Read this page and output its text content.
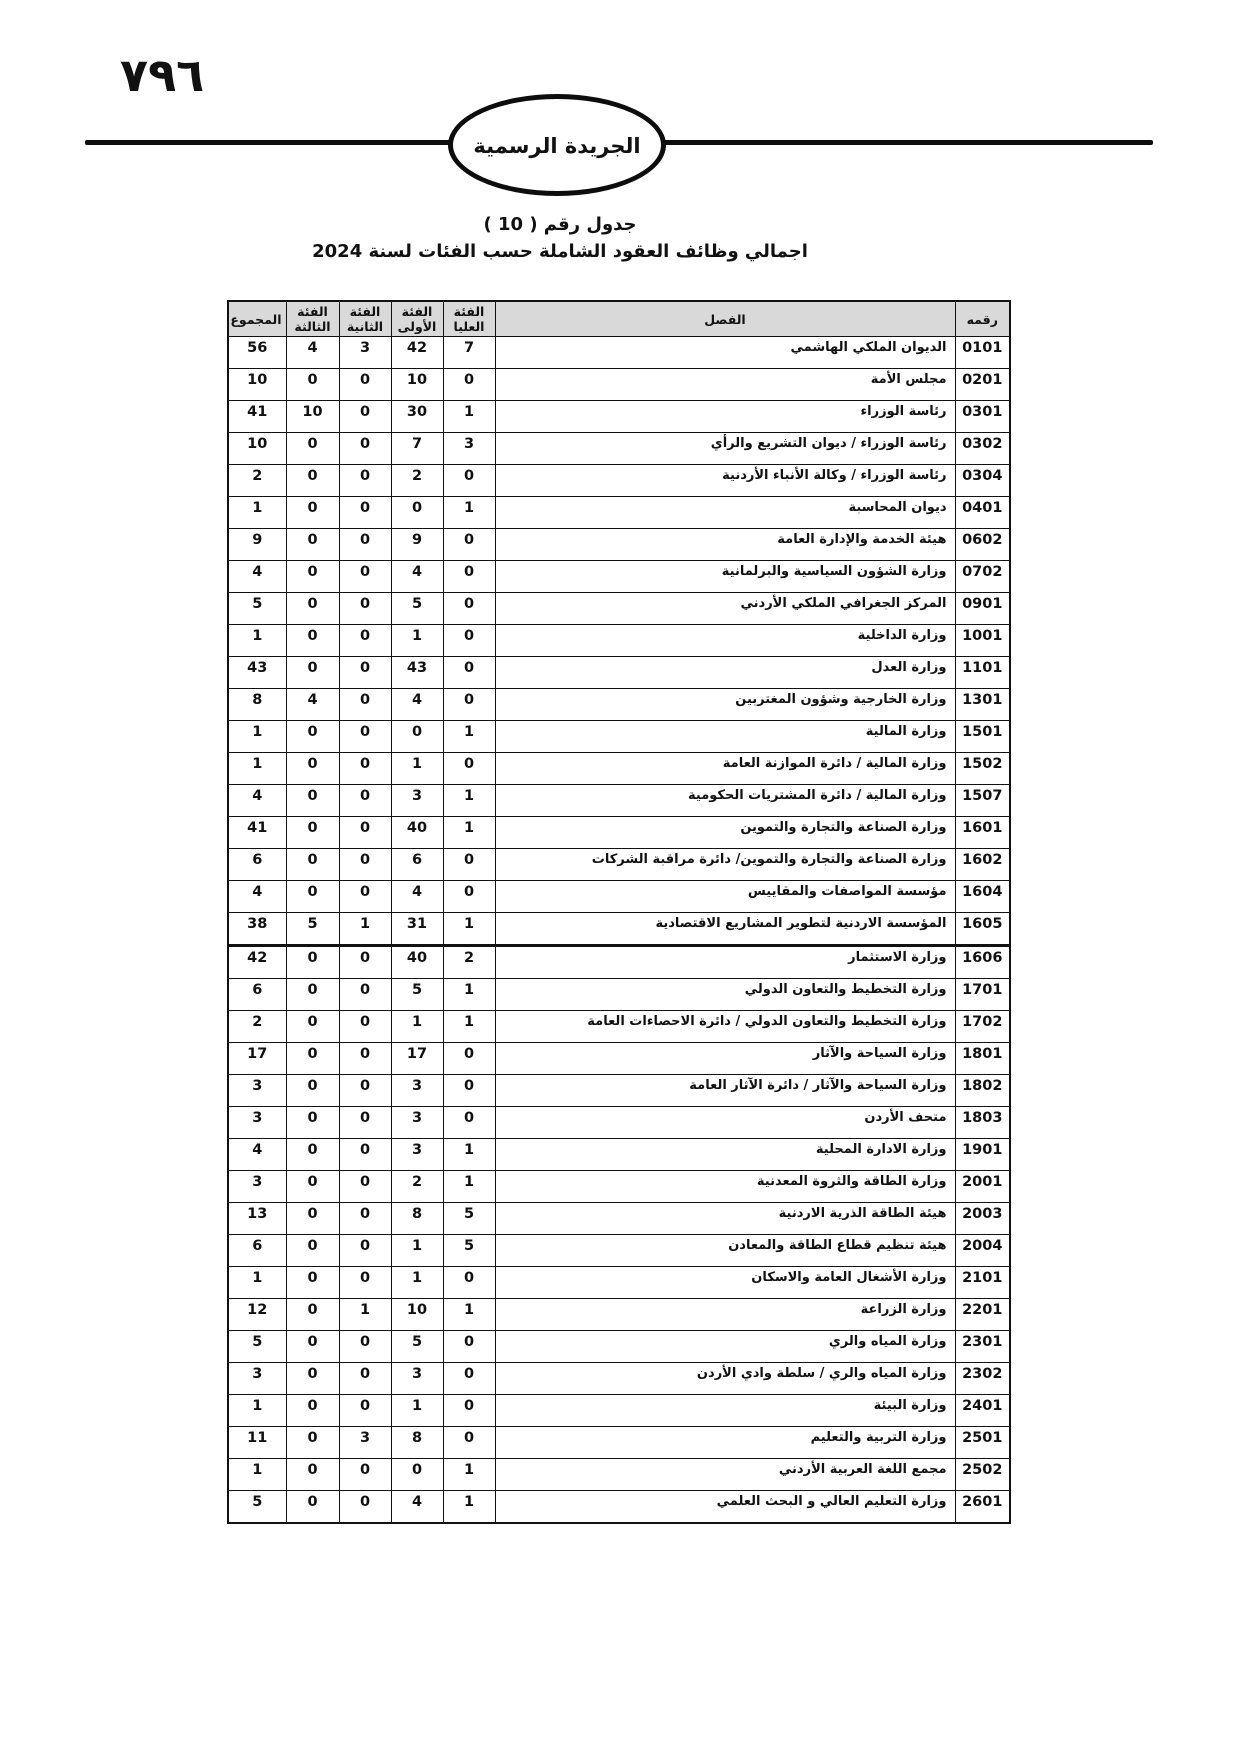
٧٩٦
الجريدة الرسمية
جدول رقم ( 10 )
اجمالي وظائف العقود الشاملة حسب الفئات لسنة 2024
رقمه	الفصل	الفئة العليا	الفئة الأولى	الفئة الثانية	الفئة الثالثة	المجموع
0101	الديوان الملكي الهاشمي	7	42	3	4	56
0201	مجلس الأمة	0	10	0	0	10
0301	رئاسة الوزراء	1	30	0	10	41
0302	رئاسة الوزراء / ديوان التشريع والرأي	3	7	0	0	10
0304	رئاسة الوزراء / وكالة الأنباء الأردنية	0	2	0	0	2
0401	ديوان المحاسبة	1	0	0	0	1
0602	هيئة الخدمة والإدارة العامة	0	9	0	0	9
0702	وزارة الشؤون السياسية والبرلمانية	0	4	0	0	4
0901	المركز الجغرافي الملكي الأردني	0	5	0	0	5
1001	وزارة الداخلية	0	1	0	0	1
1101	وزارة العدل	0	43	0	0	43
1301	وزارة الخارجية وشؤون المغتربين	0	4	0	4	8
1501	وزارة المالية	1	0	0	0	1
1502	وزارة المالية / دائرة الموازنة العامة	0	1	0	0	1
1507	وزارة المالية / دائرة المشتريات الحكومية	1	3	0	0	4
1601	وزارة الصناعة والتجارة والتموين	1	40	0	0	41
1602	وزارة الصناعة والتجارة والتموين/ دائرة مراقبة الشركات	0	6	0	0	6
1604	مؤسسة المواصفات والمقاييس	0	4	0	0	4
1605	المؤسسة الاردنية لتطوير المشاريع الاقتصادية	1	31	1	5	38
1606	وزارة الاستثمار	2	40	0	0	42
1701	وزارة التخطيط والتعاون الدولي	1	5	0	0	6
1702	وزارة التخطيط والتعاون الدولي / دائرة الاحصاءات العامة	1	1	0	0	2
1801	وزارة السياحة والآثار	0	17	0	0	17
1802	وزارة السياحة والآثار / دائرة الآثار العامة	0	3	0	0	3
1803	متحف الأردن	0	3	0	0	3
1901	وزارة الادارة المحلية	1	3	0	0	4
2001	وزارة الطاقة والثروة المعدنية	1	2	0	0	3
2003	هيئة الطاقة الذرية الاردنية	5	8	0	0	13
2004	هيئة تنظيم قطاع الطاقة والمعادن	5	1	0	0	6
2101	وزارة الأشغال العامة والاسكان	0	1	0	0	1
2201	وزارة الزراعة	1	10	1	0	12
2301	وزارة المياه والري	0	5	0	0	5
2302	وزارة المياه والري / سلطة وادي الأردن	0	3	0	0	3
2401	وزارة البيئة	0	1	0	0	1
2501	وزارة التربية والتعليم	0	8	3	0	11
2502	مجمع اللغة العربية الأردني	1	0	0	0	1
2601	وزارة التعليم العالي و البحث العلمي	1	4	0	0	5
